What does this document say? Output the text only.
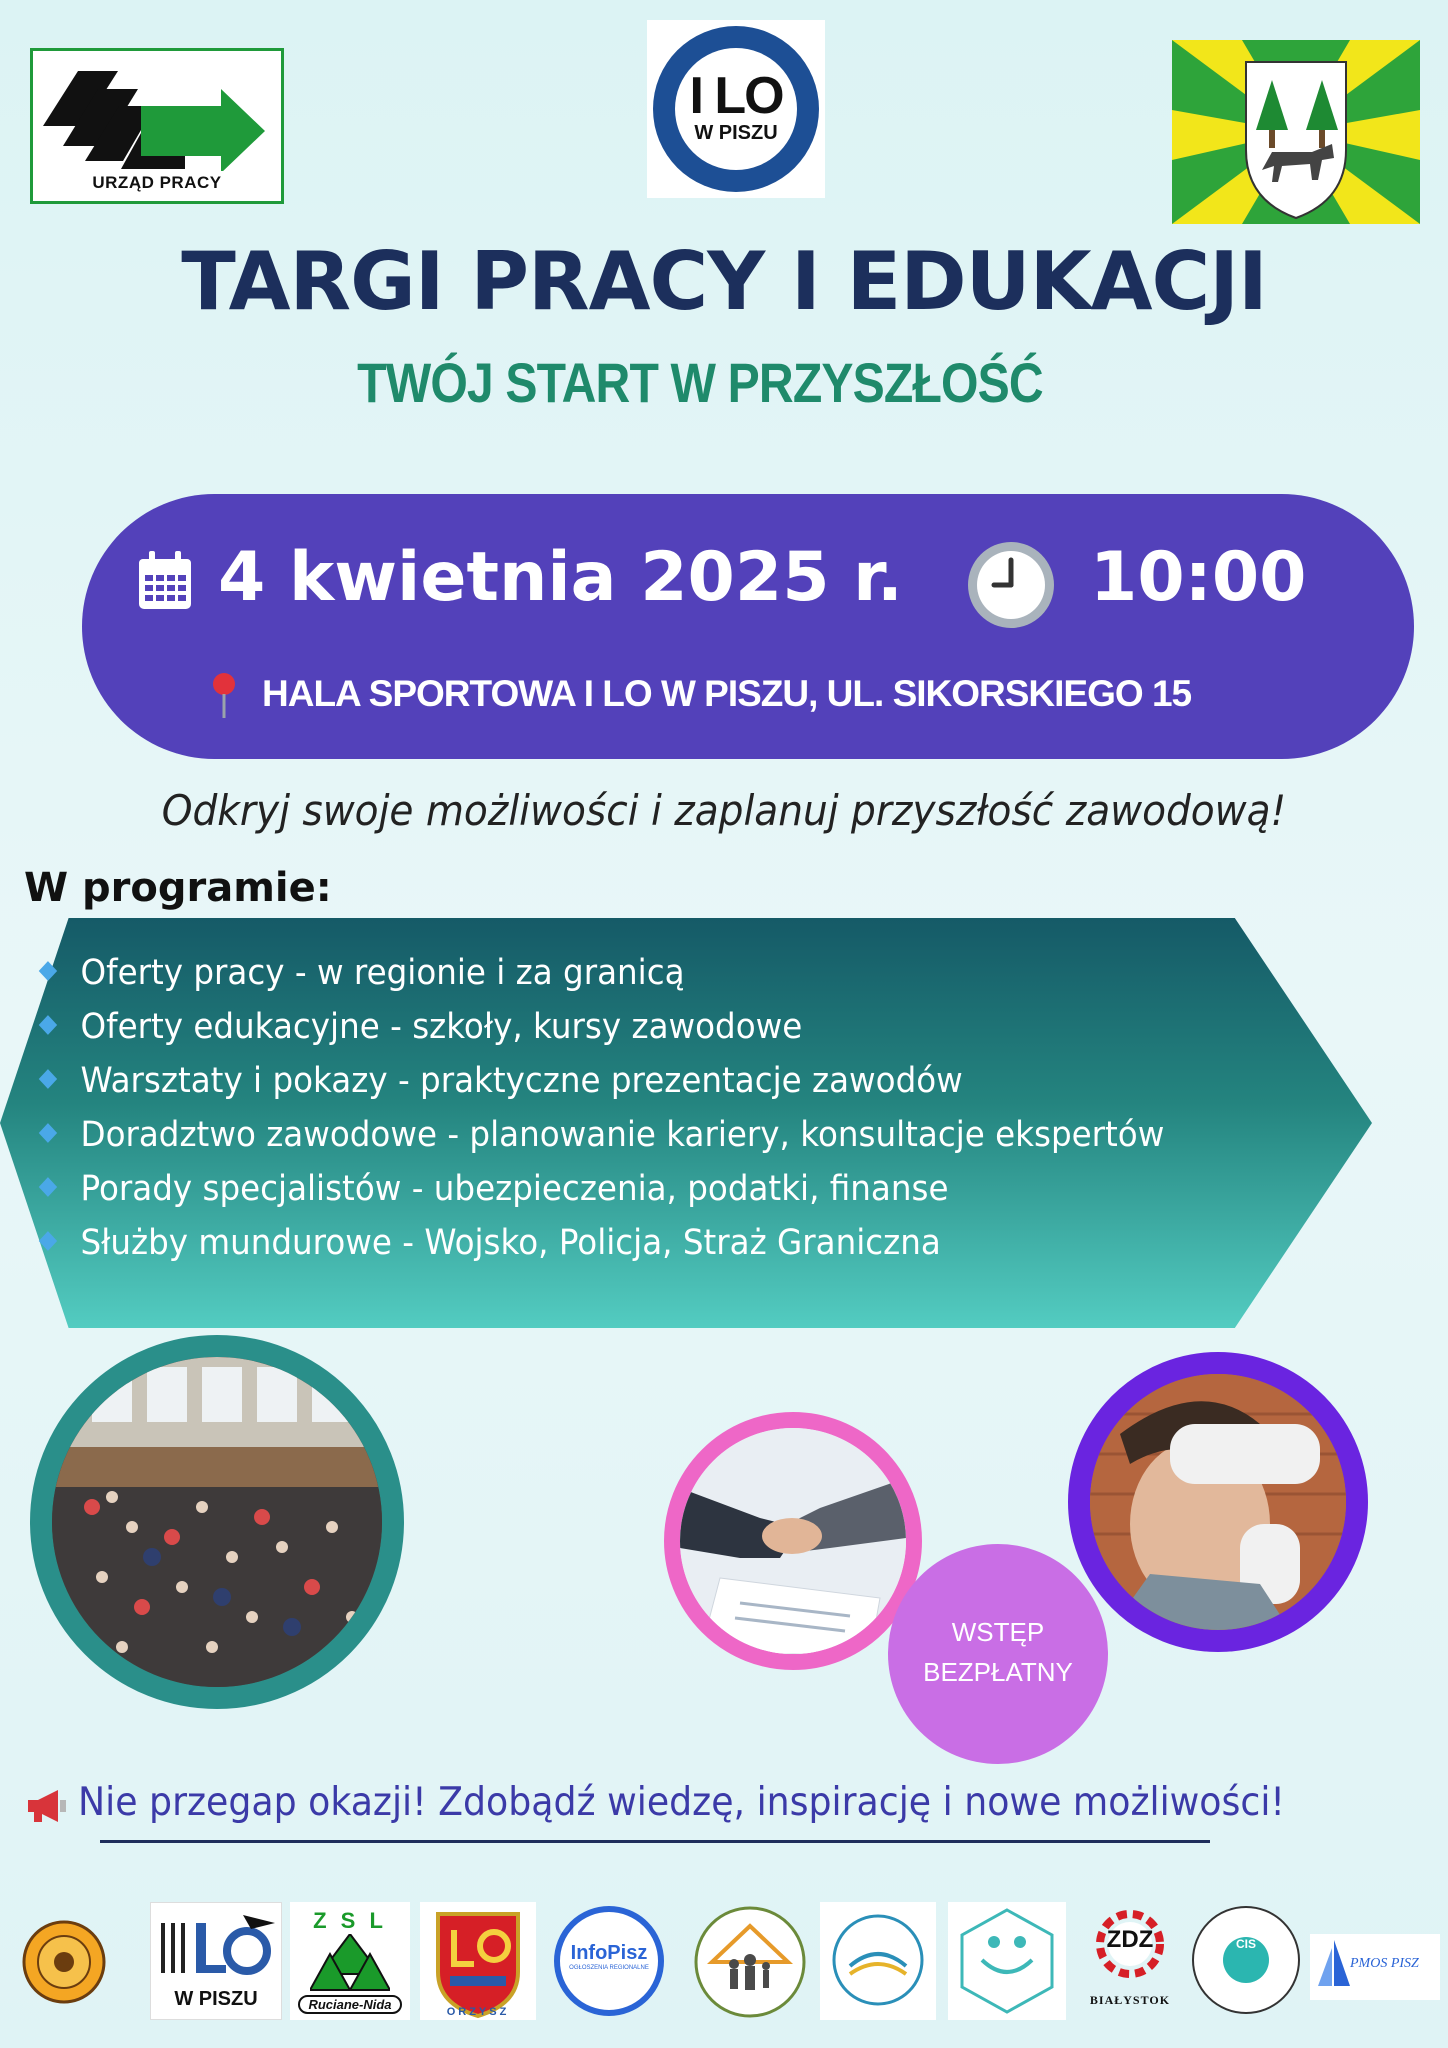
URZĄD PRACY
I LO
W PISZU
TARGI PRACY I EDUKACJI
TWÓJ START W PRZYSZŁOŚĆ
4 kwietnia 2025 r.	10:00
HALA SPORTOWA I LO W PISZU, UL. SIKORSKIEGO 15
Odkryj swoje możliwości i zaplanuj przyszłość zawodową!
W programie:
Oferty pracy - w regionie i za granicą
Oferty edukacyjne - szkoły, kursy zawodowe
Warsztaty i pokazy - praktyczne prezentacje zawodów
Doradztwo zawodowe - planowanie kariery, konsultacje ekspertów
Porady specjalistów - ubezpieczenia, podatki, finanse
Służby mundurowe - Wojsko, Policja, Straż Graniczna
WSTĘP
BEZPŁATNY
Nie przegap okazji! Zdobądź wiedzę, inspirację i nowe możliwości!
W PISZU
Z S L
Ruciane-Nida	ORZYSZ
InfoPisz
OGŁOSZENIA REGIONALNE
ZDZ
BIAŁYSTOK
CIS
PMOS PISZ
